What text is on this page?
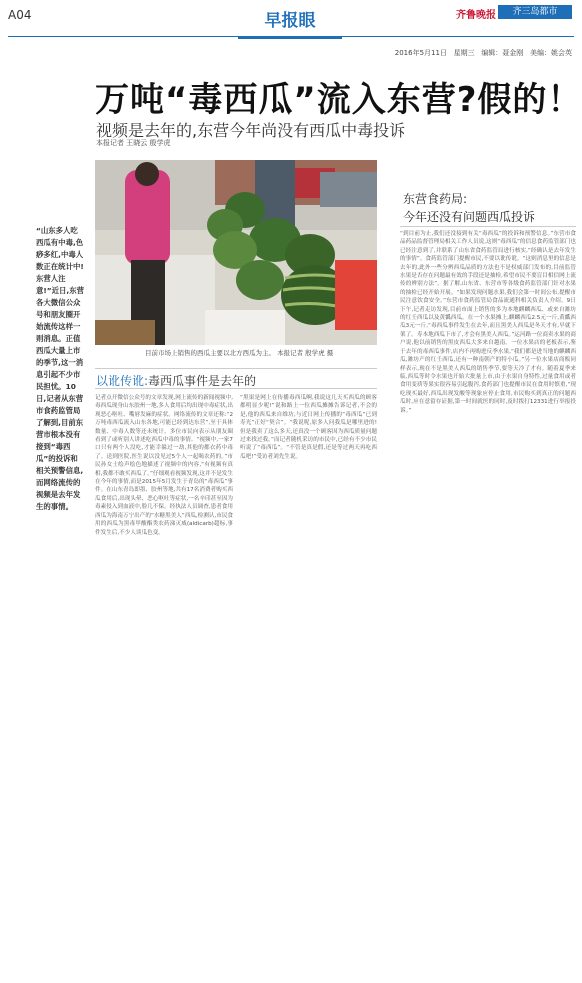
A04	早报眼	齐鲁晚报	齐三岛都市
2016年5月11日 星期三 编辑：聂金刚 美编：姚会英
万吨“毒西瓜”流入东营?假的！
视频是去年的,东营今年尚没有西瓜中毒投诉
本报记者 王晓云 殷学虎
目前市场上销售的西瓜主要以北方西瓜为主。 本报记者 殷学虎 摄
“山东多人吃西瓜有中毒,色痧多红,中毒人数正在统计中!东营人注意!”近日,东营各大微信公众号和朋友圈开始流传这样一则消息。正值西瓜大量上市的季节,这一消息引起不少市民担忧。10日,记者从东营市食药监管局了解到,目前东营市根本没有接到“毒西瓜”的投诉和相关预警信息,而网络流传的视频是去年发生的事情。
以讹传讹:毒西瓜事件是去年的
记者点开微信公众号的文章发现,网上流传的新闻视频中,毒西瓜现身山东胶州一地,多人食用后均出现中毒症状,出现恶心呕吐、嘴唇发麻的症状。网络流传的文章还称:“2万吨毒西瓜流入山东各地,可能已经到达东营”,至于具体数量、中毒人数等还未统计。多位市民向表示从朋友圈看到了或听别人讲述吃西瓜中毒的事情。“视频中,一家7口只有两个人没吃,才能幸躲过一劫,其他的都衣药中毒了。送到医院,医生说以没见过5个人一起喝农药的。”市民孙女士绘声绘色地描述了视频中的内容,“有视频有真相,我都不敢买西瓜了。”仔细观看视频发现,这并不是发生在今年的事情,而是2015年5月发生于青岛的“毒西瓜”事件。在山东青岛即墨、胶州等地,共有17名消费者购买西瓜食用后,出现头晕、恶心呕吐等症状,一名辛印甚至因为毒素侵入到血液中,脸几不保。经执法人员调查,患者食用西瓜为海南万宁出产的“水糖黑美人”西瓜,检测认,市民食用的西瓜为黑毒甲酸酯类农药涕灭威(aldicarb)超标,事件发生后,不少人谈瓜色变。
“黑果是网上在传播毒西瓜啊,我说这几天买西瓜的顾客都明显少呢!”说和路上一位西瓜摊摊告诉记者,不会的是,他的西瓜来自维坊,与近日网上传播的“毒西瓜”已到寿光”正好“契合”。“我说呢,原多人问我瓜是哪里进的!但是我卖了这么多天,还真没一个顾客因为西瓜质量问题过来找过我。”而记者随机采访的市民中,已经有不少市民听说了“毒西瓜”。“不管是真是假,还是等过两天再吃西瓜吧!”受访者刘先生说。
东营食药局:
今年还没有问题西瓜投诉
“到目前为止,我们还没接到有关“毒西瓜”的投诉和预警信息。”东营市食品药品监督管理局相关工作人员说,这则“毒西瓜”的信息食药监管部门也已经注意到了,并联系了山东省食药监管局进行核实,“经确认是去年发生的事情”。食药监管部门提醒市民,不要以讹传讹。“这则消息里的信息是去年的,此外一些分辨西瓜品质的方法也不是权威部门发布的,目前监管水果是否存在问题最有效的手段还是抽检,希望市民不要盲目相信网上流传的辨别方法”。据了解,山东省、东营市等各级食药监管部门针对水果的抽检已经开始开展。“如果发现问题水果,我们会第一时间公布,提醒市民注意饮食安全。”东营市食药监管局食品流通科相关负责人介绍。9日下午,记者走访发现,目前市面上销售的多为本地麒麟西瓜、或来自潍坊的红壬西瓜以及黄瓤西瓜。在一个水果摊上,麒麟西瓜2.5元一斤,黄瓤西瓜3元一斤,“毒西瓜事件发生在去年,而且黑美人西瓜是冬天才有,早就下架了。寿本地西瓜下市了,才会有黑美人西瓜。”运河路一位商卖水果的商户说,他以前销售的黑皮西瓜大多来自越南。一位水果店的老板表示,鉴于去年的毒西瓜事件,店内不再购进反季水果,“我们都是进当地的麒麟西瓜,潍坊产的红壬西瓜,还有一种南朝产的特小瓜。”另一位水果店商贩同样表示,现在不是黑美人西瓜的销售季节,要等天冷了才有。随着夏季来临,西瓜等时令水果也开始大批量上市,由于水果自身特性,过量食用或者食用变质等果实很容易引起腹泻,食药部门也提醒市民在食用时慎重,“现吃现买最好,西瓜出现发酸等现象应停止食用,市民购买到真正的问题西瓜时,应在意留存证据,第一时间就医的同时,及时拨打12331进行举报投诉。”
